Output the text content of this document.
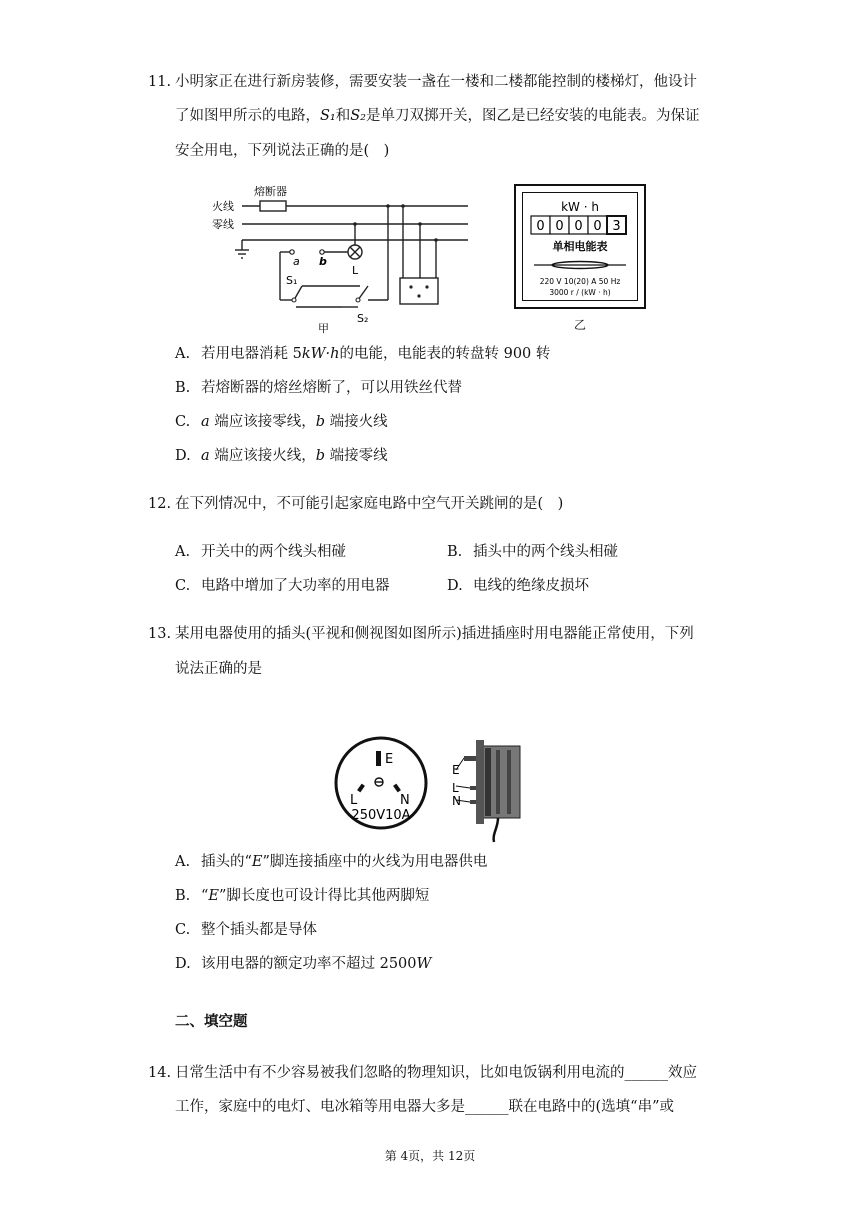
11. 小明家正在进行新房装修，需要安装一盏在一楼和二楼都能控制的楼梯灯，他设计
了如图甲所示的电路，S₁和S₂是单刀双掷开关，图乙是已经安装的电能表。为保证
安全用电，下列说法正确的是(　)
熔断器
火线
零线
a b
L
S₁
S₂
甲
kW · h
0 0 0 0 3
单相电能表
220 V 10(20) A 50 Hz
3000 r / (kW · h)
乙
A. 若用电器消耗 5kW·h的电能，电能表的转盘转 900 转
B. 若熔断器的熔丝熔断了，可以用铁丝代替
C. a 端应该接零线，b 端接火线
D. a 端应该接火线，b 端接零线
12. 在下列情况中，不可能引起家庭电路中空气开关跳闸的是(　)
A. 开关中的两个线头相碰	B. 插头中的两个线头相碰
C. 电路中增加了大功率的用电器	D. 电线的绝缘皮损坏
13. 某用电器使用的插头(平视和侧视图如图所示)插进插座时用电器能正常使用，下列
说法正确的是
E
L	N
250V10A
E
L
N
A. 插头的“E”脚连接插座中的火线为用电器供电
B. “E”脚长度也可设计得比其他两脚短
C. 整个插头都是导体
D. 该用电器的额定功率不超过 2500W
二、填空题
14. 日常生活中有不少容易被我们忽略的物理知识，比如电饭锅利用电流的______效应
工作，家庭中的电灯、电冰箱等用电器大多是______联在电路中的(选填“串”或
第 4页，共 12页
